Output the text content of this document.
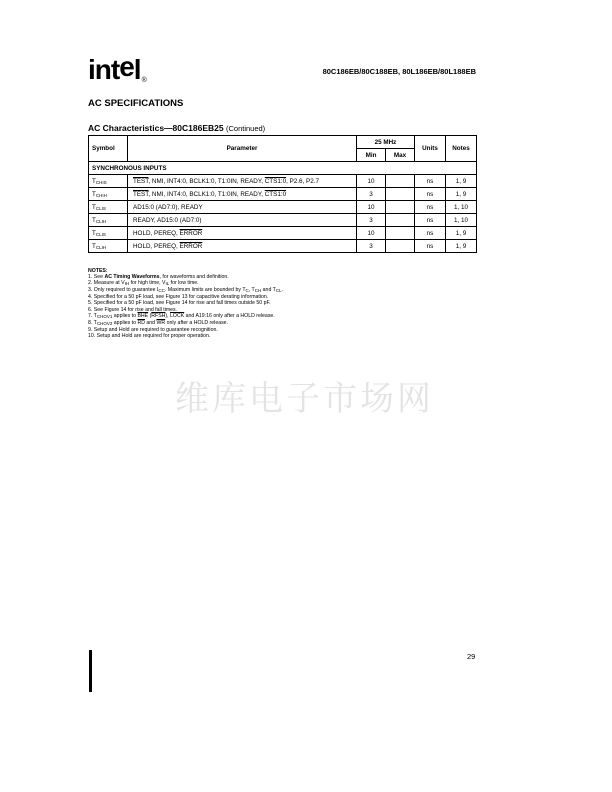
intel®
80C186EB/80C188EB, 80L186EB/80L188EB
AC SPECIFICATIONS
AC Characteristics—80C186EB25 (Continued)
Symbol	Parameter	25 MHz		Units	Notes
		Min	Max		
SYNCHRONOUS INPUTS					
$T_{CHIS}$	TEST, NMI, INT4:0, BCLK1:0, T1:0IN, READY, CTS1:0, P2.6, P2.7	10		ns	1, 9
$T_{CHIH}$	TEST, NMI, INT4:0, BCLK1:0, T1:0IN, READY, CTS1:0	3		ns	1, 9
$T_{CLIS}$	AD15:0 (AD7:0), READY	10		ns	1, 10
$T_{CLIH}$	READY, AD15:0 (AD7:0)	3		ns	1, 10
$T_{CLIS}$	HOLD, PEREQ, ERROR	10		ns	1, 9
$T_{CLIH}$	HOLD, PEREQ, ERROR	3		ns	1, 9
NOTES:
1. See AC Timing Waveforms, for waveforms and definition.
2. Measure at VIH for high time, VIL for low time.
3. Only required to guarantee ICC. Maximum limits are bounded by TC, TCH and TCL.
4. Specified for a 50 pF load, see Figure 13 for capacitive derating information.
5. Specified for a 50 pF load, see Figure 14 for rise and fall times outside 50 pF.
6. See Figure 14 for rise and fall times.
7. TCHOV1 applies to $\overline{BHE}$ (RFSH), LOCK and A19:16 only after a HOLD release.
8. TCHOV2 applies to $\overline{RD}$ and $\overline{WR}$ only after a HOLD release.
9. Setup and Hold are required to guarantee recognition.
10. Setup and Hold are required for proper operation.
维库电子市场网
29
